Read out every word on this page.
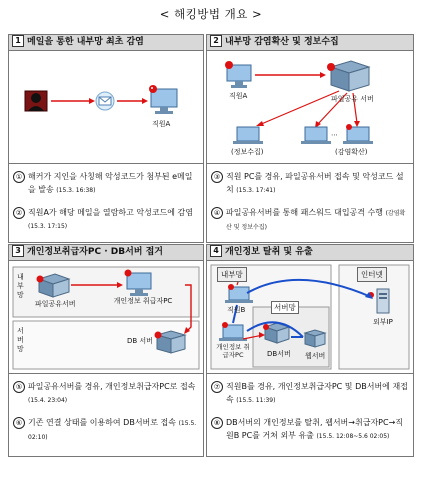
< 해킹방법 개요 >
1 메일을 통한 내부망 최초 감염
직원A
① 해커가 지인을 사칭해 악성코드가 첨부된 e메일을 발송 (15.3. 16:38)
② 직원A가 해당 메일을 열람하고 악성코드에 감염 (15.3. 17:15)
2 내부망 감염확산 및 정보수집
직원A	파일공유 서버
(정보수집)
⋯
(감염확산)
③ 직원 PC를 경유, 파일공유서버 접속 및 악성코드 설치 (15.3. 17:41)
④ 파일공유서버를 통해 패스워드 대입공격 수행 (감염확산 및 정보수집)
3 개인정보취급자PC · DB서버 접거
내부망
파일공유서버	개인정보 취급자PC
서버망
DB 서버
⑤ 파일공유서버를 경유, 개인정보취급자PC로 접속 (15.4. 23:04)
⑥ 기존 연결 상태를 이용하여 DB서버로 접속 (15.5. 02:10)
4 개인정보 탈취 및 유출
내부망	인터넷
직원B
외부IP
서버망
개인정보 취급자PC	DB서버 웹서버
⑦ 직원B를 경유, 개인정보취급자PC 및 DB서버에 재접속 (15.5. 11:39)
⑧ DB서버의 개인정보를 탈취, 웹서버→취급자PC→직원B PC를 거쳐 외부 유출 (15.5. 12:08~5.6 02:05)
